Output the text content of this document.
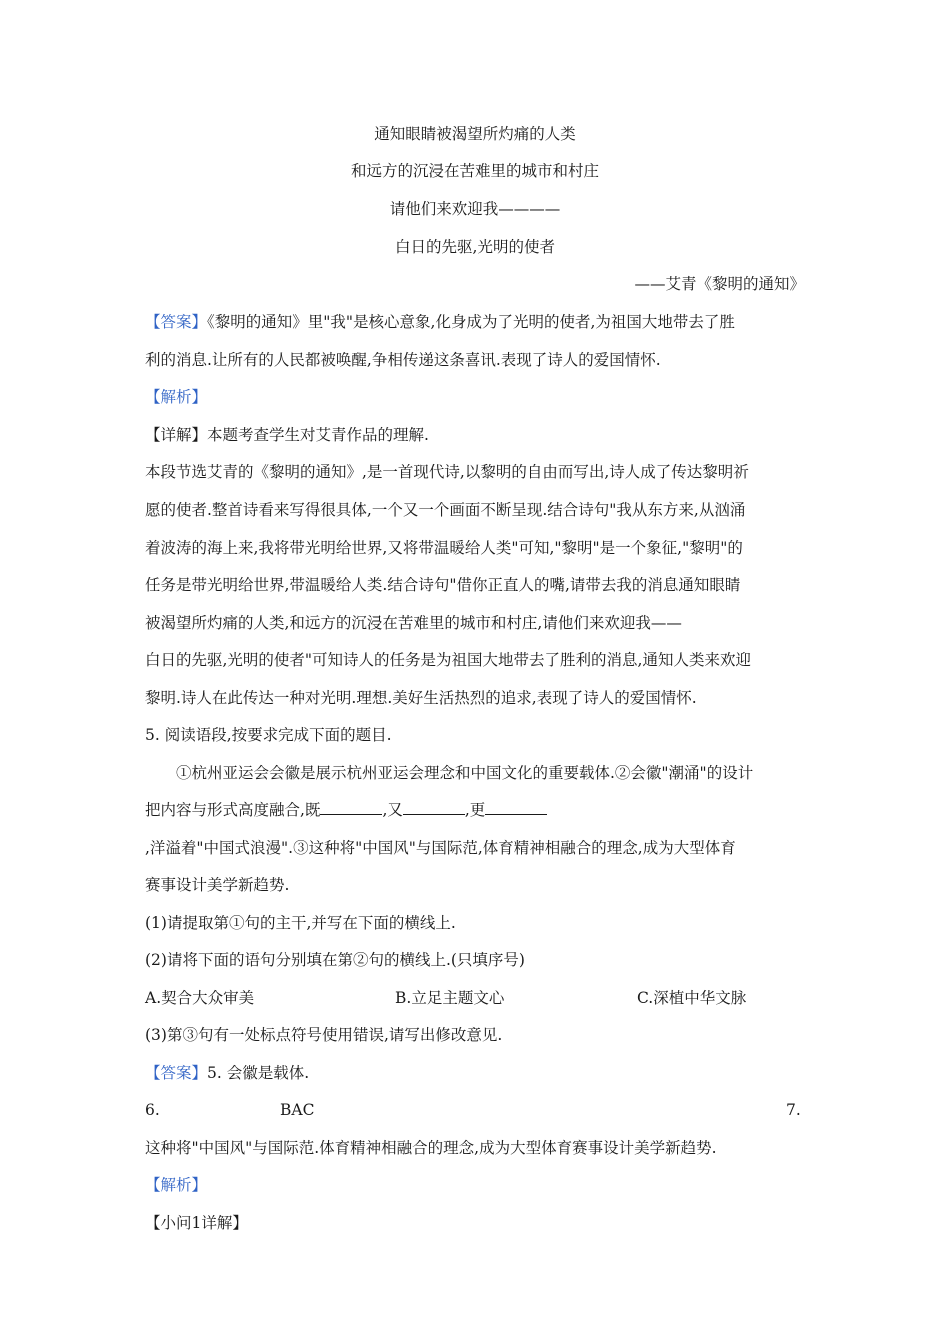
通知眼睛被渴望所灼痛的人类
和远方的沉浸在苦难里的城市和村庄
请他们来欢迎我————
白日的先驱,光明的使者
——艾青《黎明的通知》
【答案】《黎明的通知》里"我"是核心意象,化身成为了光明的使者,为祖国大地带去了胜
利的消息.让所有的人民都被唤醒,争相传递这条喜讯.表现了诗人的爱国情怀.
【解析】
【详解】本题考查学生对艾青作品的理解.
本段节选艾青的《黎明的通知》,是一首现代诗,以黎明的自由而写出,诗人成了传达黎明祈
愿的使者.整首诗看来写得很具体,一个又一个画面不断呈现.结合诗句"我从东方来,从汹涌
着波涛的海上来,我将带光明给世界,又将带温暖给人类"可知,"黎明"是一个象征,"黎明"的
任务是带光明给世界,带温暖给人类.结合诗句"借你正直人的嘴,请带去我的消息通知眼睛
被渴望所灼痛的人类,和远方的沉浸在苦难里的城市和村庄,请他们来欢迎我——
白日的先驱,光明的使者"可知诗人的任务是为祖国大地带去了胜利的消息,通知人类来欢迎
黎明.诗人在此传达一种对光明.理想.美好生活热烈的追求,表现了诗人的爱国情怀.
5. 阅读语段,按要求完成下面的题目.
①杭州亚运会会徽是展示杭州亚运会理念和中国文化的重要载体.②会徽"潮涌"的设计
把内容与形式高度融合,既	,又	,更
,洋溢着"中国式浪漫".③这种将"中国风"与国际范,体育精神相融合的理念,成为大型体育
赛事设计美学新趋势.
(1)请提取第①句的主干,并写在下面的横线上.
(2)请将下面的语句分别填在第②句的横线上.(只填序号)
A.契合大众审美	B.立足主题文心	C.深植中华文脉
(3)第③句有一处标点符号使用错误,请写出修改意见.
【答案】5. 会徽是载体.
6.	BAC	7.
这种将"中国风"与国际范.体育精神相融合的理念,成为大型体育赛事设计美学新趋势.
【解析】
【小问1详解】
